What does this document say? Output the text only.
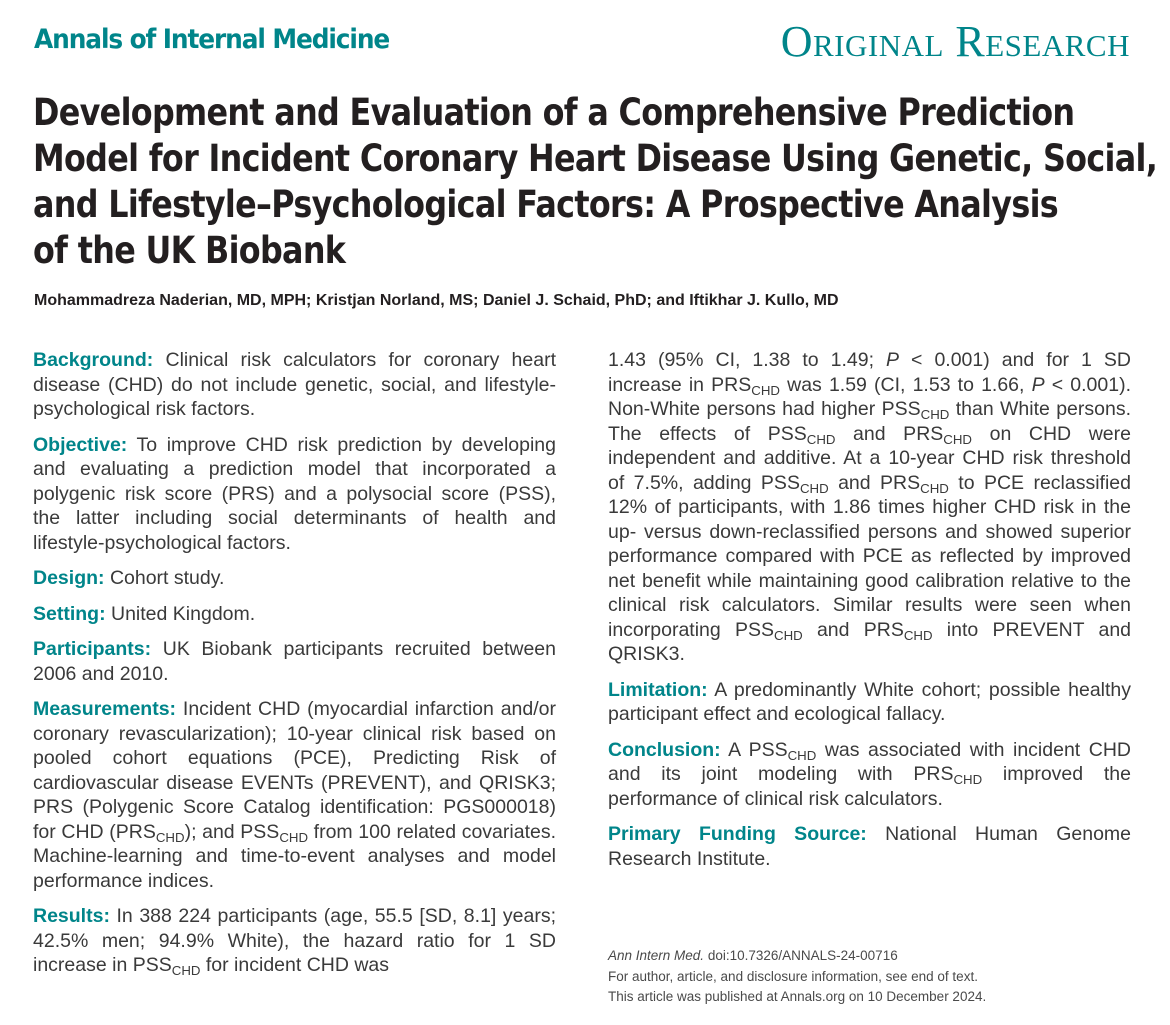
Annals of Internal Medicine	Original Research
Development and Evaluation of a Comprehensive Prediction
Model for Incident Coronary Heart Disease Using Genetic, Social,
and Lifestyle–Psychological Factors: A Prospective Analysis
of the UK Biobank
Mohammadreza Naderian, MD, MPH; Kristjan Norland, MS; Daniel J. Schaid, PhD; and Iftikhar J. Kullo, MD

Background: Clinical risk calculators for coronary heart disease (CHD) do not include genetic, social, and lifestyle-psychological risk factors.

Objective: To improve CHD risk prediction by developing and evaluating a prediction model that incorporated a polygenic risk score (PRS) and a polysocial score (PSS), the latter including social determinants of health and lifestyle-psychological factors.

Design: Cohort study.

Setting: United Kingdom.

Participants: UK Biobank participants recruited between 2006 and 2010.

Measurements: Incident CHD (myocardial infarction and/or coronary revascularization); 10-year clinical risk based on pooled cohort equations (PCE), Predicting Risk of cardiovascular disease EVENTs (PREVENT), and QRISK3; PRS (Polygenic Score Catalog identification: PGS000018) for CHD $(PRS_{CHD})$; and $PSS_{CHD}$ from 100 related covariates. Machine-learning and time-to-event analyses and model performance indices.

Results: In 388 224 participants (age, 55.5 [SD, 8.1] years; 42.5% men; 94.9% White), the hazard ratio for 1 SD increase in $PSS_{CHD}$ for incident CHD was

1.43 (95% CI, 1.38 to 1.49; P < 0.001) and for 1 SD increase in $PRS_{CHD}$ was 1.59 (CI, 1.53 to 1.66, P < 0.001). Non-White persons had higher $PSS_{CHD}$ than White persons. The effects of $PSS_{CHD}$ and $PRS_{CHD}$ on CHD were independent and additive. At a 10-year CHD risk threshold of 7.5%, adding $PSS_{CHD}$ and $PRS_{CHD}$ to PCE reclassified 12% of participants, with 1.86 times higher CHD risk in the up- versus down-reclassified persons and showed superior performance compared with PCE as reflected by improved net benefit while maintaining good calibration relative to the clinical risk calculators. Similar results were seen when incorporating $PSS_{CHD}$ and $PRS_{CHD}$ into PREVENT and QRISK3.

Limitation: A predominantly White cohort; possible healthy participant effect and ecological fallacy.

Conclusion: A $PSS_{CHD}$ was associated with incident CHD and its joint modeling with $PRS_{CHD}$ improved the performance of clinical risk calculators.

Primary Funding Source: National Human Genome Research Institute.

Ann Intern Med. doi:10.7326/ANNALS-24-00716
For author, article, and disclosure information, see end of text.
This article was published at Annals.org on 10 December 2024.
